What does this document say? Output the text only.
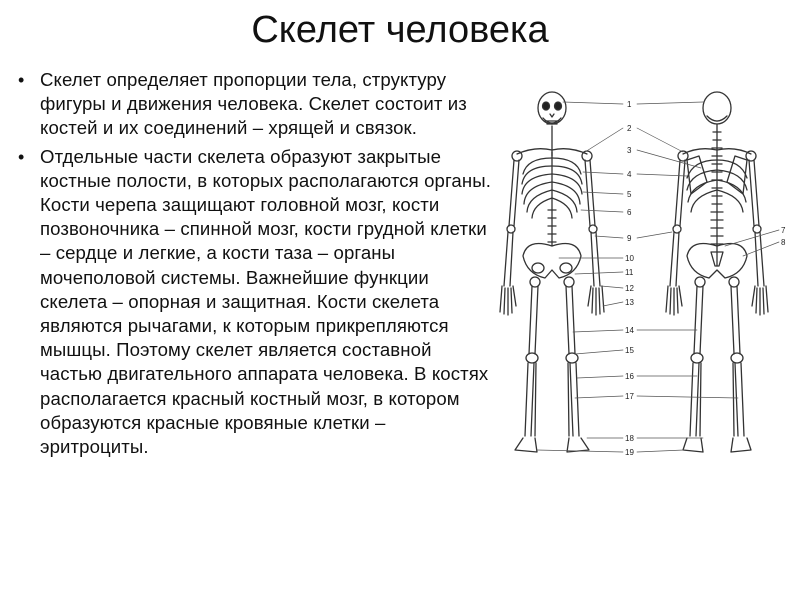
Скелет человека
• Скелет определяет пропорции тела, структуру фигуры и движения человека. Скелет состоит из костей и их соединений – хрящей и связок.
• Отдельные части скелета образуют закрытые костные полости, в которых располагаются органы. Кости черепа защищают головной мозг, кости позвоночника – спинной мозг, кости грудной клетки – сердце и легкие, а кости таза – органы мочеполовой системы. Важнейшие функции скелета – опорная и защитная. Кости скелета являются рычагами, к которым прикрепляются мышцы. Поэтому скелет является составной частью двигательного аппарата человека. В костях располагается красный костный мозг, в котором образуются красные кровяные клетки – эритроциты.
1
2
3
4
5
6
9
10
11
12
13
14
15
16
17
18
19
7
8
